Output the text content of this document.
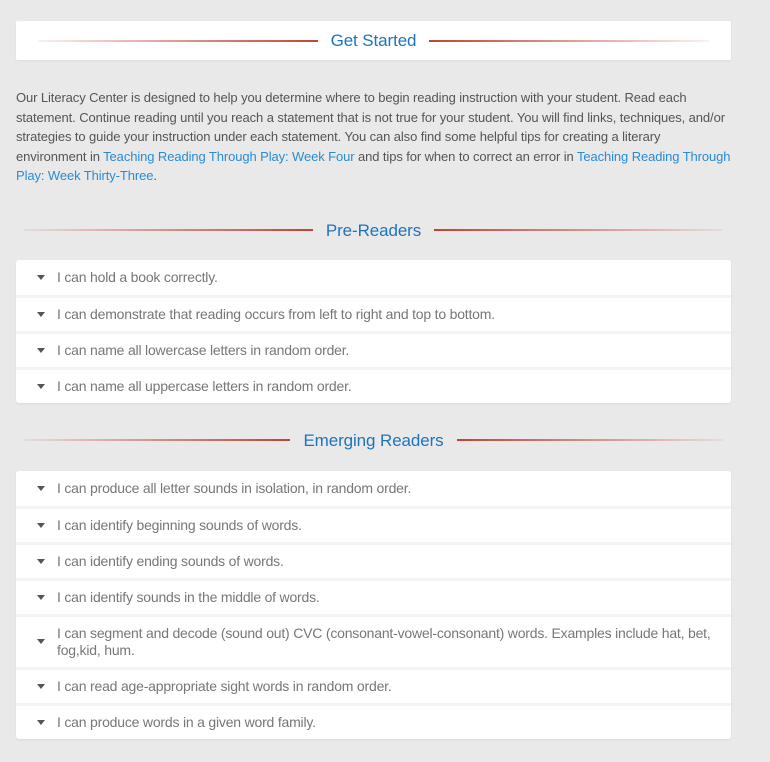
Get Started

Our Literacy Center is designed to help you determine where to begin reading instruction with your student. Read each statement. Continue reading until you reach a statement that is not true for your student. You will find links, techniques, and/or strategies to guide your instruction under each statement. You can also find some helpful tips for creating a literary environment in Teaching Reading Through Play: Week Four and tips for when to correct an error in Teaching Reading Through Play: Week Thirty-Three.

Pre-Readers
I can hold a book correctly.
I can demonstrate that reading occurs from left to right and top to bottom.
I can name all lowercase letters in random order.
I can name all uppercase letters in random order.
Emerging Readers
I can produce all letter sounds in isolation, in random order.
I can identify beginning sounds of words.
I can identify ending sounds of words.
I can identify sounds in the middle of words.
I can segment and decode (sound out) CVC (consonant-vowel-consonant) words. Examples include hat, bet, fog,kid, hum.
I can read age-appropriate sight words in random order.
I can produce words in a given word family.
